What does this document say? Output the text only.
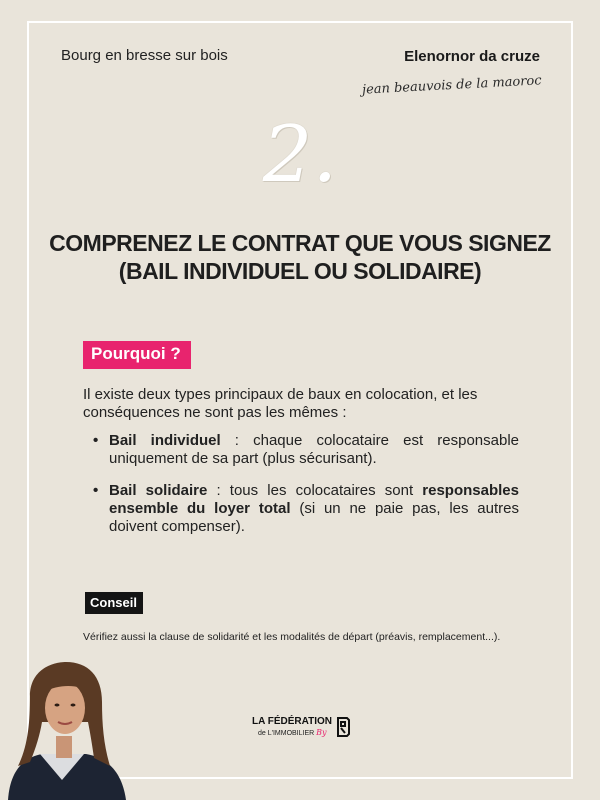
Bourg en bresse sur bois	Elenornor da cruze
jean beauvois de la maoroc
2.
COMPRENEZ LE CONTRAT QUE VOUS SIGNEZ
(BAIL INDIVIDUEL OU SOLIDAIRE)
Pourquoi ?
Il existe deux types principaux de baux en colocation, et les conséquences ne sont pas les mêmes :
• Bail individuel : chaque colocataire est responsable uniquement de sa part (plus sécurisant).
• Bail solidaire : tous les colocataires sont responsables ensemble du loyer total (si un ne paie pas, les autres doivent compenser).
Conseil
Vérifiez aussi la clause de solidarité et les modalités de départ (préavis, remplacement...).
LA FÉDÉRATION
de L'IMMOBILIER By
